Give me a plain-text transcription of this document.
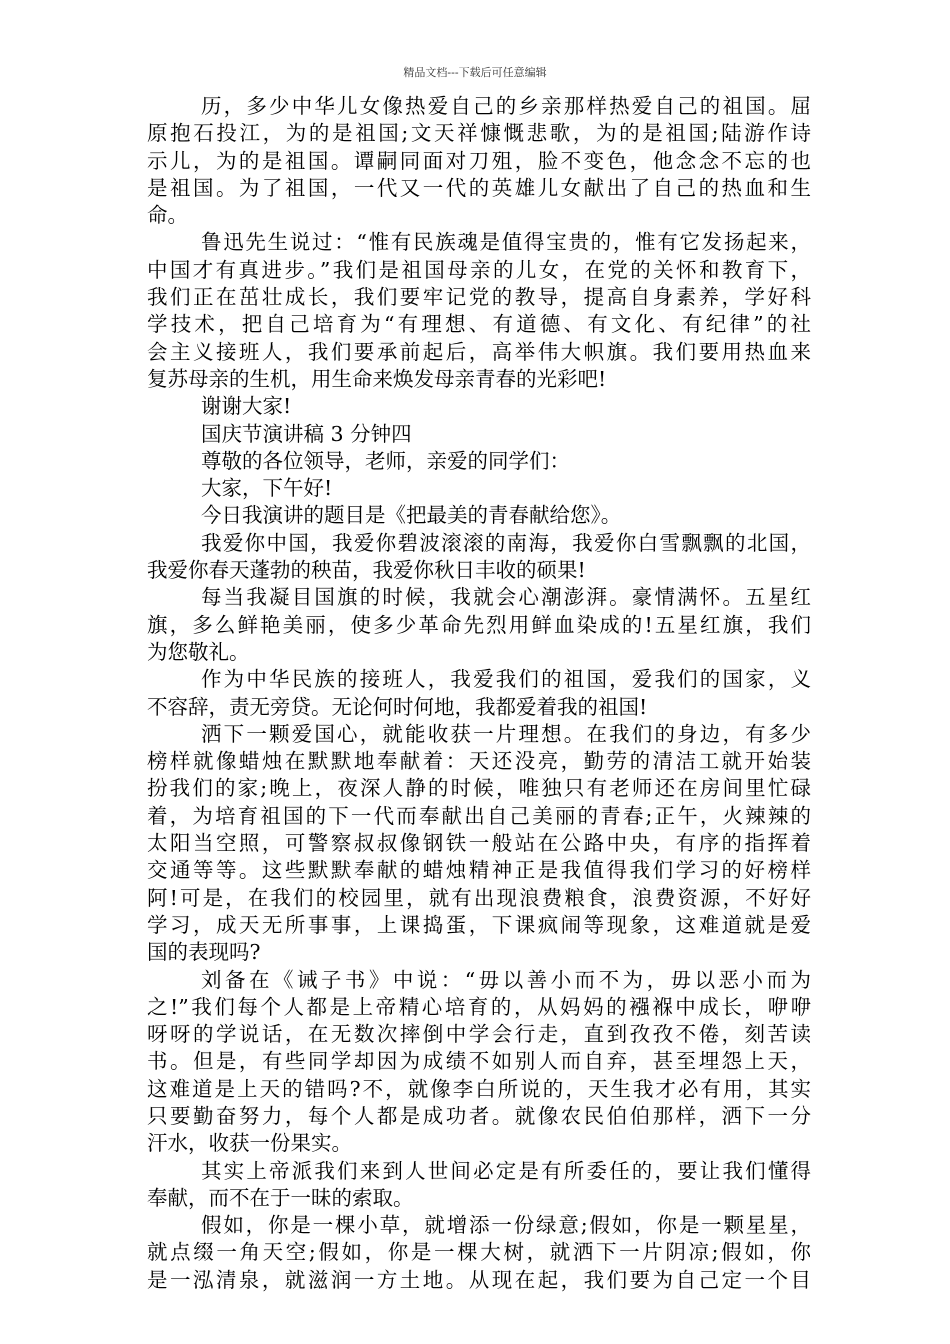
精品文档---下载后可任意编辑
历，多少中华儿女像热爱自己的乡亲那样热爱自己的祖国。屈
原抱石投江，为的是祖国;文天祥慷慨悲歌，为的是祖国;陆游作诗
示儿，为的是祖国。谭嗣同面对刀殂，脸不变色，他念念不忘的也
是祖国。为了祖国，一代又一代的英雄儿女献出了自己的热血和生
命。
鲁迅先生说过：“惟有民族魂是值得宝贵的，惟有它发扬起来，
中国才有真进步。”我们是祖国母亲的儿女，在党的关怀和教育下，
我们正在茁壮成长，我们要牢记党的教导，提高自身素养，学好科
学技术，把自己培育为“有理想、有道德、有文化、有纪律”的社
会主义接班人，我们要承前起后，高举伟大帜旗。我们要用热血来
复苏母亲的生机，用生命来焕发母亲青春的光彩吧!
谢谢大家!
国庆节演讲稿 3 分钟四
尊敬的各位领导，老师，亲爱的同学们：
大家，下午好!
今日我演讲的题目是《把最美的青春献给您》。
我爱你中国，我爱你碧波滚滚的南海，我爱你白雪飘飘的北国，
我爱你春天蓬勃的秧苗，我爱你秋日丰收的硕果!
每当我凝目国旗的时候，我就会心潮澎湃。豪情满怀。五星红
旗，多么鲜艳美丽，使多少革命先烈用鲜血染成的!五星红旗，我们
为您敬礼。
作为中华民族的接班人，我爱我们的祖国，爱我们的国家，义
不容辞，责无旁贷。无论何时何地，我都爱着我的祖国!
洒下一颗爱国心，就能收获一片理想。在我们的身边，有多少
榜样就像蜡烛在默默地奉献着：天还没亮，勤劳的清洁工就开始装
扮我们的家;晚上，夜深人静的时候，唯独只有老师还在房间里忙碌
着，为培育祖国的下一代而奉献出自己美丽的青春;正午，火辣辣的
太阳当空照，可警察叔叔像钢铁一般站在公路中央，有序的指挥着
交通等等。这些默默奉献的蜡烛精神正是我值得我们学习的好榜样
阿!可是，在我们的校园里，就有出现浪费粮食，浪费资源，不好好
学习，成天无所事事，上课捣蛋，下课疯闹等现象，这难道就是爱
国的表现吗?
刘备在《诫子书》中说：“毋以善小而不为，毋以恶小而为
之!”我们每个人都是上帝精心培育的，从妈妈的襁褓中成长，咿咿
呀呀的学说话，在无数次摔倒中学会行走，直到孜孜不倦，刻苦读
书。但是，有些同学却因为成绩不如别人而自弃，甚至埋怨上天，
这难道是上天的错吗?不，就像李白所说的，天生我才必有用，其实
只要勤奋努力，每个人都是成功者。就像农民伯伯那样，洒下一分
汗水，收获一份果实。
其实上帝派我们来到人世间必定是有所委任的，要让我们懂得
奉献，而不在于一昧的索取。
假如，你是一棵小草，就增添一份绿意;假如，你是一颗星星，
就点缀一角天空;假如，你是一棵大树，就洒下一片阴凉;假如，你
是一泓清泉，就滋润一方土地。从现在起，我们要为自己定一个目
